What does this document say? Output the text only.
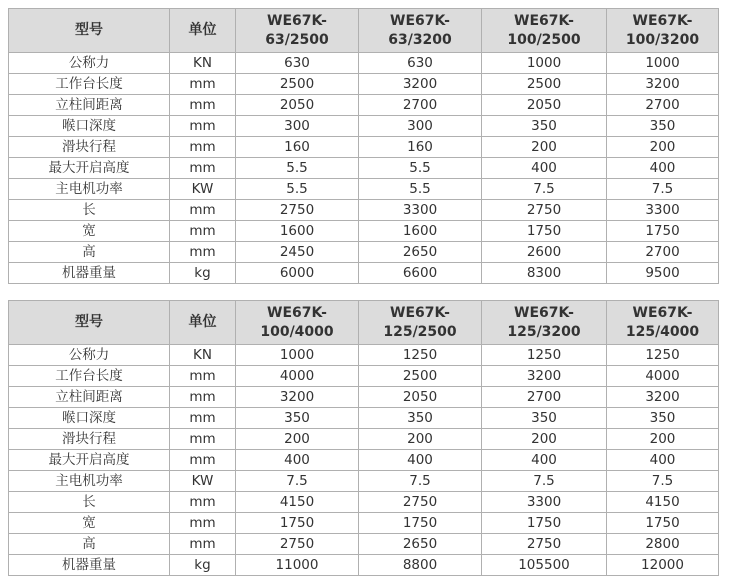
型号	单位	WE67K-63/2500	WE67K-63/3200	WE67K-100/2500	WE67K-100/3200
公称力	KN	630	630	1000	1000
工作台长度	mm	2500	3200	2500	3200
立柱间距离	mm	2050	2700	2050	2700
喉口深度	mm	300	300	350	350
滑块行程	mm	160	160	200	200
最大开启高度	mm	5.5	5.5	400	400
主电机功率	KW	5.5	5.5	7.5	7.5
长	mm	2750	3300	2750	3300
宽	mm	1600	1600	1750	1750
高	mm	2450	2650	2600	2700
机器重量	kg	6000	6600	8300	9500
型号	单位	WE67K-100/4000	WE67K-125/2500	WE67K-125/3200	WE67K-125/4000
公称力	KN	1000	1250	1250	1250
工作台长度	mm	4000	2500	3200	4000
立柱间距离	mm	3200	2050	2700	3200
喉口深度	mm	350	350	350	350
滑块行程	mm	200	200	200	200
最大开启高度	mm	400	400	400	400
主电机功率	KW	7.5	7.5	7.5	7.5
长	mm	4150	2750	3300	4150
宽	mm	1750	1750	1750	1750
高	mm	2750	2650	2750	2800
机器重量	kg	11000	8800	105500	12000
